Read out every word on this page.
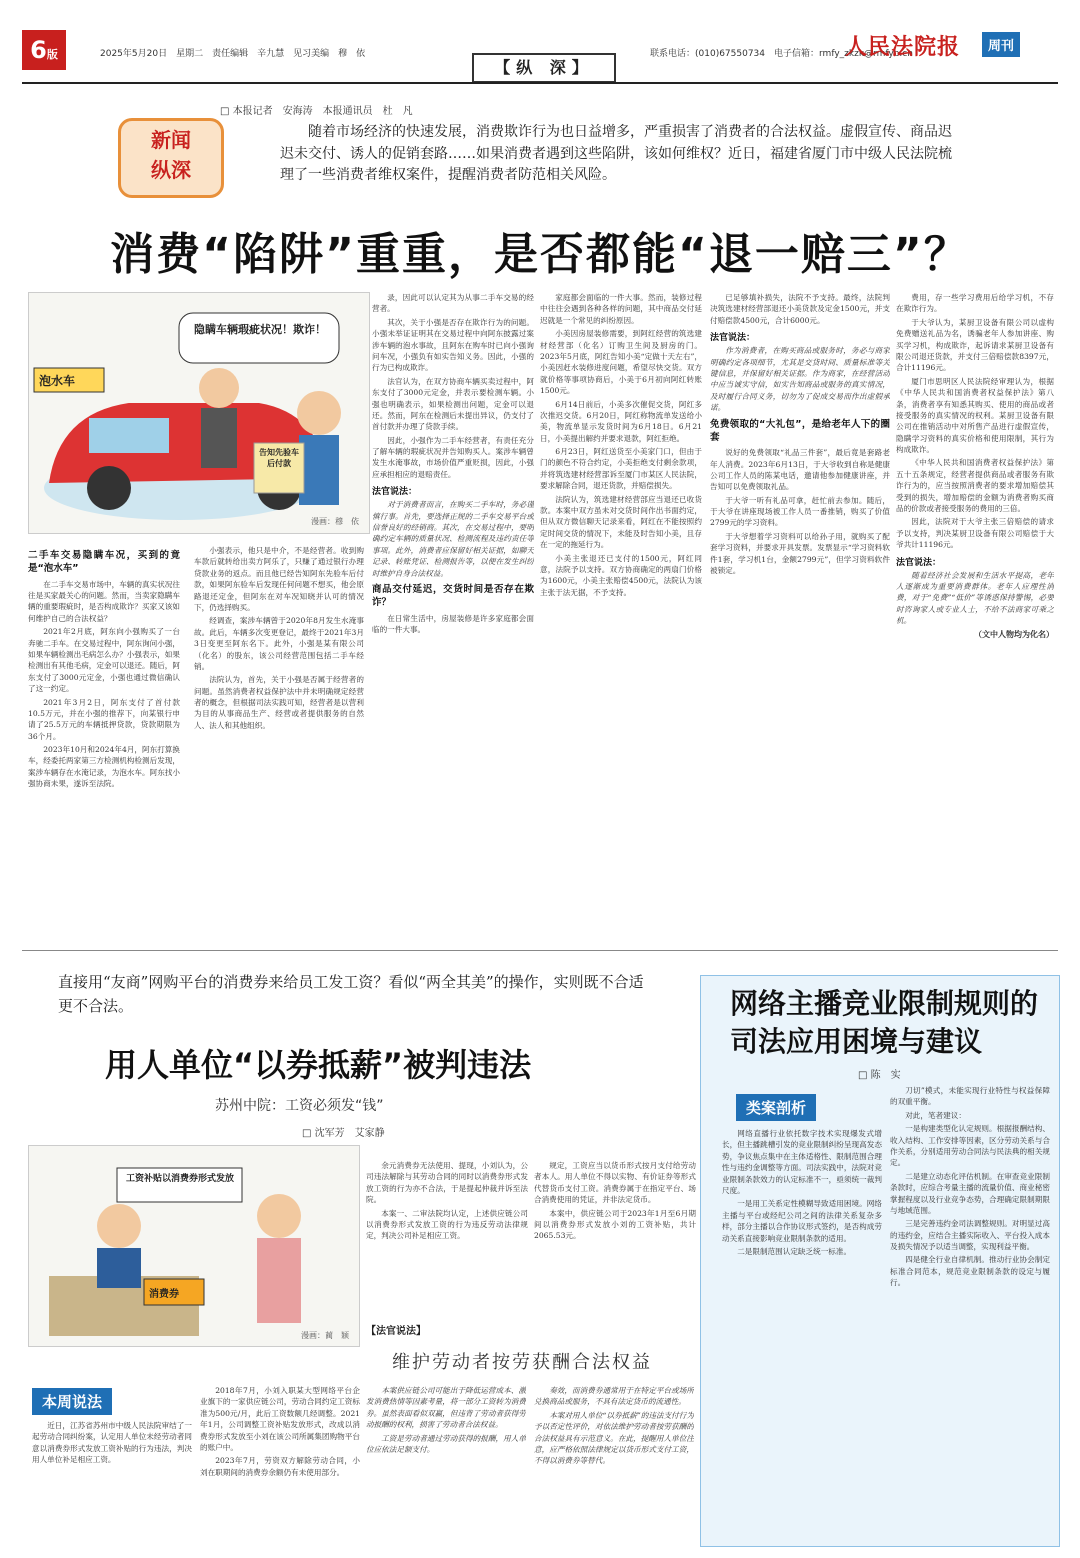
6版	2025年5月20日　星期二　责任编辑　辛九慧　见习美编　穆　依	联系电话：(010)67550734　电子信箱：rmfy_zkzk@rmfyb.cn
人民法院报	周刊
【纵 深】
□ 本报记者　安海涛　本报通讯员　杜　凡
新闻
纵深
随着市场经济的快速发展，消费欺诈行为也日益增多，严重损害了消费者的合法权益。虚假宣传、商品迟迟未交付、诱人的促销套路……如果消费者遇到这些陷阱，该如何维权？近日，福建省厦门市中级人民法院梳理了一些消费者维权案件，提醒消费者防范相关风险。
消费“陷阱”重重，是否都能“退一赔三”？
隐瞒车辆瑕疵状况！欺诈！
泡水车
告知先验车后付款
漫画：穆　依
二手车交易隐瞒车况，买到的竟是“泡水车”

在二手车交易市场中，车辆的真实状况往往是买家最关心的问题。然而，当卖家隐瞒车辆的重要瑕疵时，是否构成欺诈？买家又该如何维护自己的合法权益？

2021年2月底，阿东向小强购买了一台奔驰二手车。在交易过程中，阿东询问小强，如果车辆检测出毛病怎么办？小强表示，如果检测出有其他毛病，定金可以退还。随后，阿东支付了3000元定金，小强也通过微信确认了这一约定。

2021年3月2日，阿东支付了首付款10.5万元，并在小强的推荐下，向某银行申请了25.5万元的车辆抵押贷款，贷款期限为36个月。

2023年10月和2024年4月，阿东打算换车，经委托两家第三方检测机构检测后发现，案涉车辆存在水淹记录，为泡水车。阿东找小强协商未果，遂诉至法院。

小强表示，他只是中介，不是经营者。收到购车款后就转给出卖方阿乐了，只赚了通过银行办理贷款业务的返点。而且他已经告知阿东先验车后付款，如果阿东验车后发现任何问题不想买，他会原路退还定金，但阿东在对车况知晓并认可的情况下，仍选择购买。

经调查，案涉车辆曾于2020年8月发生水淹事故。此后，车辆多次变更登记，最终于2021年3月3日变更至阿东名下。此外，小强是某有限公司（化名）的股东，该公司经营范围包括二手车经销。

法院认为，首先，关于小强是否属于经营者的问题。虽然消费者权益保护法中并未明确规定经营者的概念，但根据司法实践可知，经营者是以营利为目的从事商品生产、经营或者提供服务的自然人、法人和其他组织。

录，因此可以认定其为从事二手车交易的经营者。

其次，关于小强是否存在欺诈行为的问题。小强未举证证明其在交易过程中向阿东披露过案涉车辆的泡水事故，且阿东在购车时已向小强询问车况，小强负有如实告知义务。因此，小强的行为已构成欺诈。

法官认为，在双方协商车辆买卖过程中，阿东支付了3000元定金，并表示要检测车辆。小强也明确表示，如果检测出问题，定金可以退还。然而，阿东在检测后未提出异议，仍支付了首付款并办理了贷款手续。

因此，小强作为二手车经营者，有责任充分了解车辆的瑕疵状况并告知购买人。案涉车辆曾发生水淹事故，市场价值严重贬损，因此，小强应承担相应的退赔责任。

法官说法：

对于消费者而言，在购买二手车时，务必谨慎行事。首先，要选择正规的二手车交易平台或信誉良好的经销商。其次，在交易过程中，要明确约定车辆的质量状况、检测流程及违约责任等事项。此外，消费者应保留好相关证据，如聊天记录、转账凭证、检测报告等，以便在发生纠纷时维护自身合法权益。

商品交付延迟，交货时间是否存在欺诈？

在日常生活中，房屋装修是许多家庭都会面临的一件大事。

家庭都会面临的一件大事。然而，装修过程中往往会遇到各种各样的问题，其中商品交付延迟就是一个常见的纠纷原因。

小美因房屋装修需要，到阿红经营的筑选建材经营部（化名）订购卫生间及厨房的门。2023年5月底，阿红告知小美“定做十天左右”，小美因赶水装修进度问题，希望尽快交货。双方就价格等事项协商后，小美于6月初向阿红转账1500元。

6月14日前后，小美多次催促交货，阿红多次推迟交货。6月20日，阿红称物流单发送给小美，物流单显示发货时间为6月18日。6月21日，小美提出解约并要求退款，阿红拒绝。

6月23日，阿红送货至小美家门口，但由于门的颜色不符合约定，小美拒绝支付剩余款项，并将筑选建材经营部诉至厦门市某区人民法院，要求解除合同，退还货款，并赔偿损失。

法院认为，筑选建材经营部应当退还已收货款。本案中双方虽未对交货时间作出书面约定，但从双方微信聊天记录来看，阿红在不能按照约定时间交货的情况下，未能及时告知小美，且存在一定的拖延行为。

小美主张退还已支付的1500元，阿红同意，法院予以支持。双方协商确定的两扇门价格为1600元，小美主张赔偿4500元，法院认为该主张于法无据，不予支持。

已足够填补损失，法院不予支持。最终，法院判决筑选建材经营部退还小美货款及定金1500元，并支付赔偿款4500元，合计6000元。

法官说法：

作为消费者，在购买商品或服务时，务必与商家明确约定各项细节，尤其是交货时间、质量标准等关键信息，并保留好相关证据。作为商家，在经营活动中应当诚实守信，如实告知商品或服务的真实情况，及时履行合同义务，切勿为了促成交易而作出虚假承诺。

免费领取的“大礼包”，是给老年人下的圈套

说好的免费领取“礼品三件套”，最后竟是套路老年人消费。2023年6月13日，于大爷收到自称是健康公司工作人员的陈某电话，邀请他参加健康讲座，并告知可以免费领取礼品。

于大爷一听有礼品可拿，赶忙前去参加。随后，于大爷在讲座现场被工作人员一番推销，购买了价值2799元的学习资料。

于大爷想着学习资料可以给孙子用，就购买了配套学习资料，并要求开具发票。发票显示“学习资料软件1套，学习机1台，金额2799元”，但学习资料软件被锁定。

费用，存一些学习费用后给学习机，不存在欺诈行为。

于大爷认为，某厨卫设备有限公司以虚构免费赠送礼品为名，诱骗老年人参加讲座、购买学习机，构成欺诈，起诉请求某厨卫设备有限公司退还货款，并支付三倍赔偿款8397元，合计11196元。

厦门市思明区人民法院经审理认为，根据《中华人民共和国消费者权益保护法》第八条，消费者享有知悉其购买、使用的商品或者接受服务的真实情况的权利。某厨卫设备有限公司在推销活动中对所售产品进行虚假宣传，隐瞒学习资料的真实价格和使用限制，其行为构成欺诈。

《中华人民共和国消费者权益保护法》第五十五条规定，经营者提供商品或者服务有欺诈行为的，应当按照消费者的要求增加赔偿其受到的损失，增加赔偿的金额为消费者购买商品的价款或者接受服务的费用的三倍。

因此，法院对于大爷主张三倍赔偿的请求予以支持，判决某厨卫设备有限公司赔偿于大爷共计11196元。

法官说法：

随着经济社会发展和生活水平提高，老年人逐渐成为重要消费群体。老年人应理性消费，对于“免费”“低价”等诱惑保持警惕，必要时咨询家人或专业人士，不给不法商家可乘之机。

（文中人物均为化名）
直接用“友商”网购平台的消费券来给员工发工资？看似“两全其美”的操作，实则既不合适更不合法。
用人单位“以券抵薪”被判违法
苏州中院：工资必须发“钱”
□ 沈军芳　艾家静
工资补贴以消费券形式发放
消费券
漫画：蔺　颖
本周说法

近日，江苏省苏州市中级人民法院审结了一起劳动合同纠纷案，认定用人单位未经劳动者同意以消费券形式发放工资补贴的行为违法，判决用人单位补足相应工资。

2018年7月，小刘入职某大型网络平台企业旗下的一家供应链公司，劳动合同约定工资标准为500元/月，此后工资数额几经调整。2021年1月，公司调整工资补贴发放形式，改成以消费券形式发放至小刘在该公司所属集团购物平台的账户中。

2023年7月，劳资双方解除劳动合同，小刘在职期间的消费券余额仍有未使用部分。

余元消费券无法使用、提现，小刘认为，公司违法解除与其劳动合同的同时以消费券形式发放工资的行为亦不合法，于是提起仲裁并诉至法院。

本案一、二审法院均认定，上述供应链公司以消费券形式发放工资的行为违反劳动法律规定，判决公司补足相应工资。

规定，工资应当以货币形式按月支付给劳动者本人。用人单位不得以实物、有价证券等形式代替货币支付工资。消费券属于在指定平台、场合消费使用的凭证，并非法定货币。

本案中，供应链公司于2023年1月至6月期间以消费券形式发放小刘的工资补贴，共计2065.53元。

【法官说法】
维护劳动者按劳获酬合法权益

本案供应链公司可能出于降低运营成本、激发消费热情等因素考量，将一部分工资转为消费券。虽然表面看似双赢，但违背了劳动者获得劳动报酬的权利，损害了劳动者合法权益。

工资是劳动者通过劳动获得的报酬，用人单位应依法足额支付。

奏效，而消费券通常用于在特定平台或场所兑换商品或服务，不具有法定货币的流通性。

本案对用人单位“以券抵薪”的违法支付行为予以否定性评价，对依法维护劳动者按劳获酬的合法权益具有示范意义。在此，提醒用人单位注意，应严格依照法律规定以货币形式支付工资，不得以消费券等替代。

网络主播竞业限制规则的司法应用困境与建议
□ 陈　实
类案剖析

网络直播行业依托数字技术实现爆发式增长，但主播跳槽引发的竞业限制纠纷呈现高发态势，争议焦点集中在主体适格性、限制范围合理性与违约金调整等方面。司法实践中，法院对竞业限制条款效力的认定标准不一，亟须统一裁判尺度。

一是用工关系定性模糊导致适用困境。网络主播与平台或经纪公司之间的法律关系复杂多样，部分主播以合作协议形式签约，是否构成劳动关系直接影响竞业限制条款的适用。

二是限制范围认定缺乏统一标准。

刀切”模式，未能实现行业特性与权益保障的双重平衡。

对此，笔者建议：

一是构建类型化认定规则。根据报酬结构、收入结构、工作安排等因素，区分劳动关系与合作关系，分别适用劳动合同法与民法典的相关规定。

二是建立动态化评估机制。在审查竞业限制条款时，应综合考量主播的流量价值、商业秘密掌握程度以及行业竞争态势，合理确定限制期限与地域范围。

三是完善违约金司法调整规则。对明显过高的违约金，应结合主播实际收入、平台投入成本及损失情况予以适当调整，实现利益平衡。

四是健全行业自律机制。推动行业协会制定标准合同范本，规范竞业限制条款的设定与履行。
